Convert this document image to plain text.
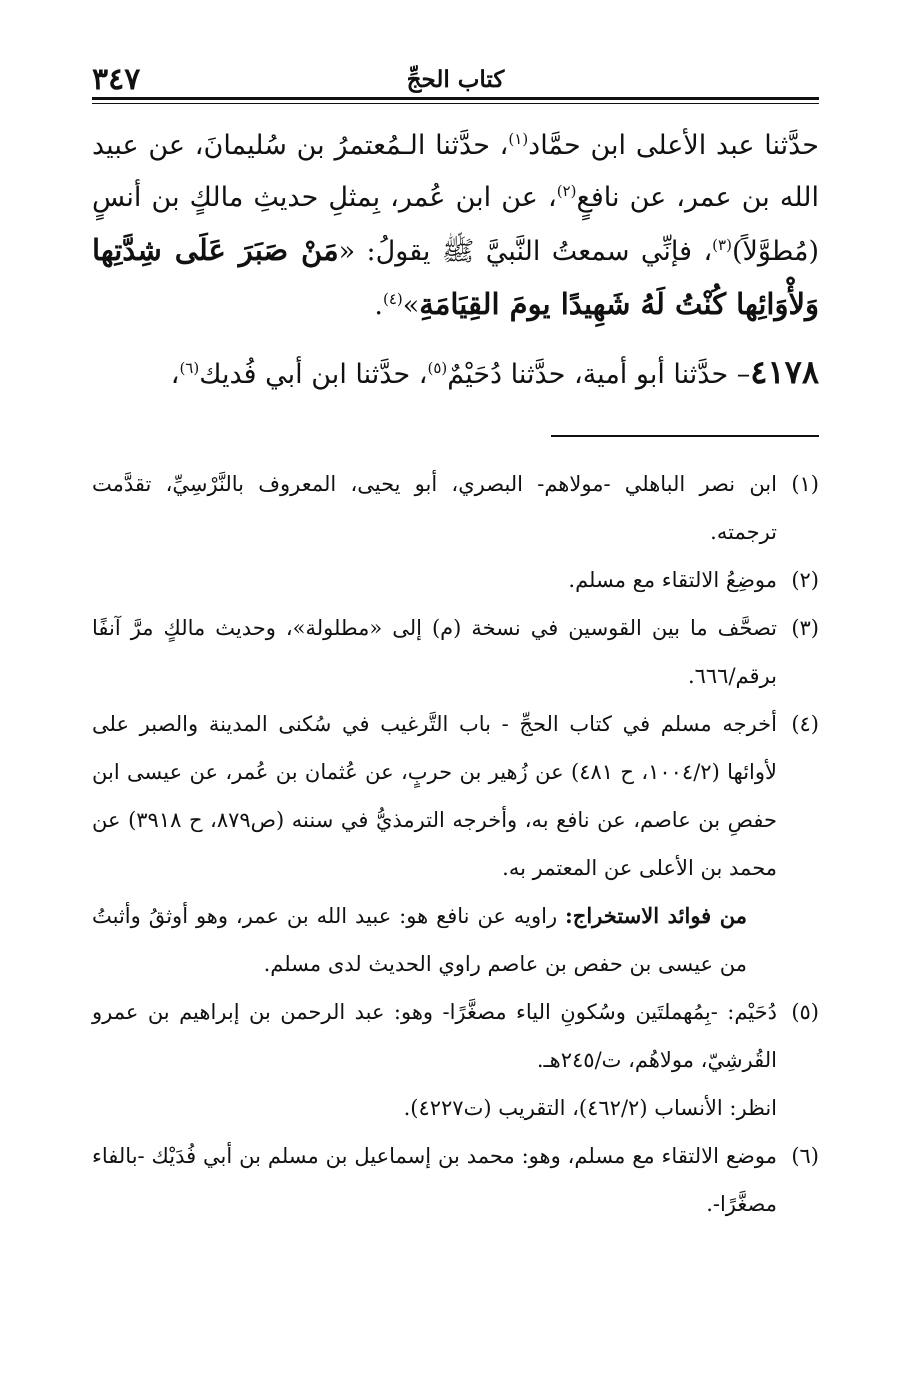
كتاب الحجِّ
٣٤٧

حدَّثنا عبد الأعلى ابن حمَّاد$^{(١)}$، حدَّثنا الـمُعتمرُ بن سُليمانَ، عن عبيد الله بن عمر، عن نافعٍ$^{(٢)}$، عن ابن عُمر، بِمثلِ حديثِ مالكٍ بن أنسٍ (مُطوَّلاً)$^{(٣)}$، فإنِّي سمعتُ النَّبيَّ ﷺ يقولُ: «مَنْ صَبَرَ عَلَى شِدَّتِها وَلأْوَائِها كُنْتُ لَهُ شَهِيدًا يومَ القِيَامَةِ»$^{(٤)}$.

٤١٧٨– حدَّثنا أبو أمية، حدَّثنا دُحَيْمٌ$^{(٥)}$، حدَّثنا ابن أبي فُديك$^{(٦)}$،

(١)
ابن نصر الباهلي -مولاهم- البصري، أبو يحيى، المعروف بالنَّرْسِيِّ، تقدَّمت ترجمته.

(٢)
موضِعُ الالتقاء مع مسلم.

(٣)
تصحَّف ما بين القوسين في نسخة (م) إلى «مطلولة»، وحديث مالكٍ مرَّ آنفًا برقم/٦٦٦.

(٤)
أخرجه مسلم في كتاب الحجِّ - باب التَّرغيب في سُكنى المدينة والصبر على لأوائها (١٠٠٤/٢، ح ٤٨١) عن زُهير بن حربٍ، عن عُثمان بن عُمر، عن عيسى ابن حفصِ بن عاصم، عن نافع به، وأخرجه الترمذيُّ في سننه (ص٨٧٩، ح ٣٩١٨) عن محمد بن الأعلى عن المعتمر به.

من فوائد الاستخراج: راويه عن نافع هو: عبيد الله بن عمر، وهو أوثقُ وأثبتُ من عيسى بن حفص بن عاصم راوي الحديث لدى مسلم.

(٥)
دُحَيْم: -بِمُهملتَين وسُكونِ الياء مصغَّرًا- وهو: عبد الرحمن بن إبراهيم بن عمرو القُرشِيّ، مولاهُم، ت/٢٤٥هـ.

انظر: الأنساب (٤٦٢/٢)، التقريب (ت٤٢٢٧).

(٦)
موضع الالتقاء مع مسلم، وهو: محمد بن إسماعيل بن مسلم بن أبي فُدَيْك -بالفاء مصغَّرًا-.
